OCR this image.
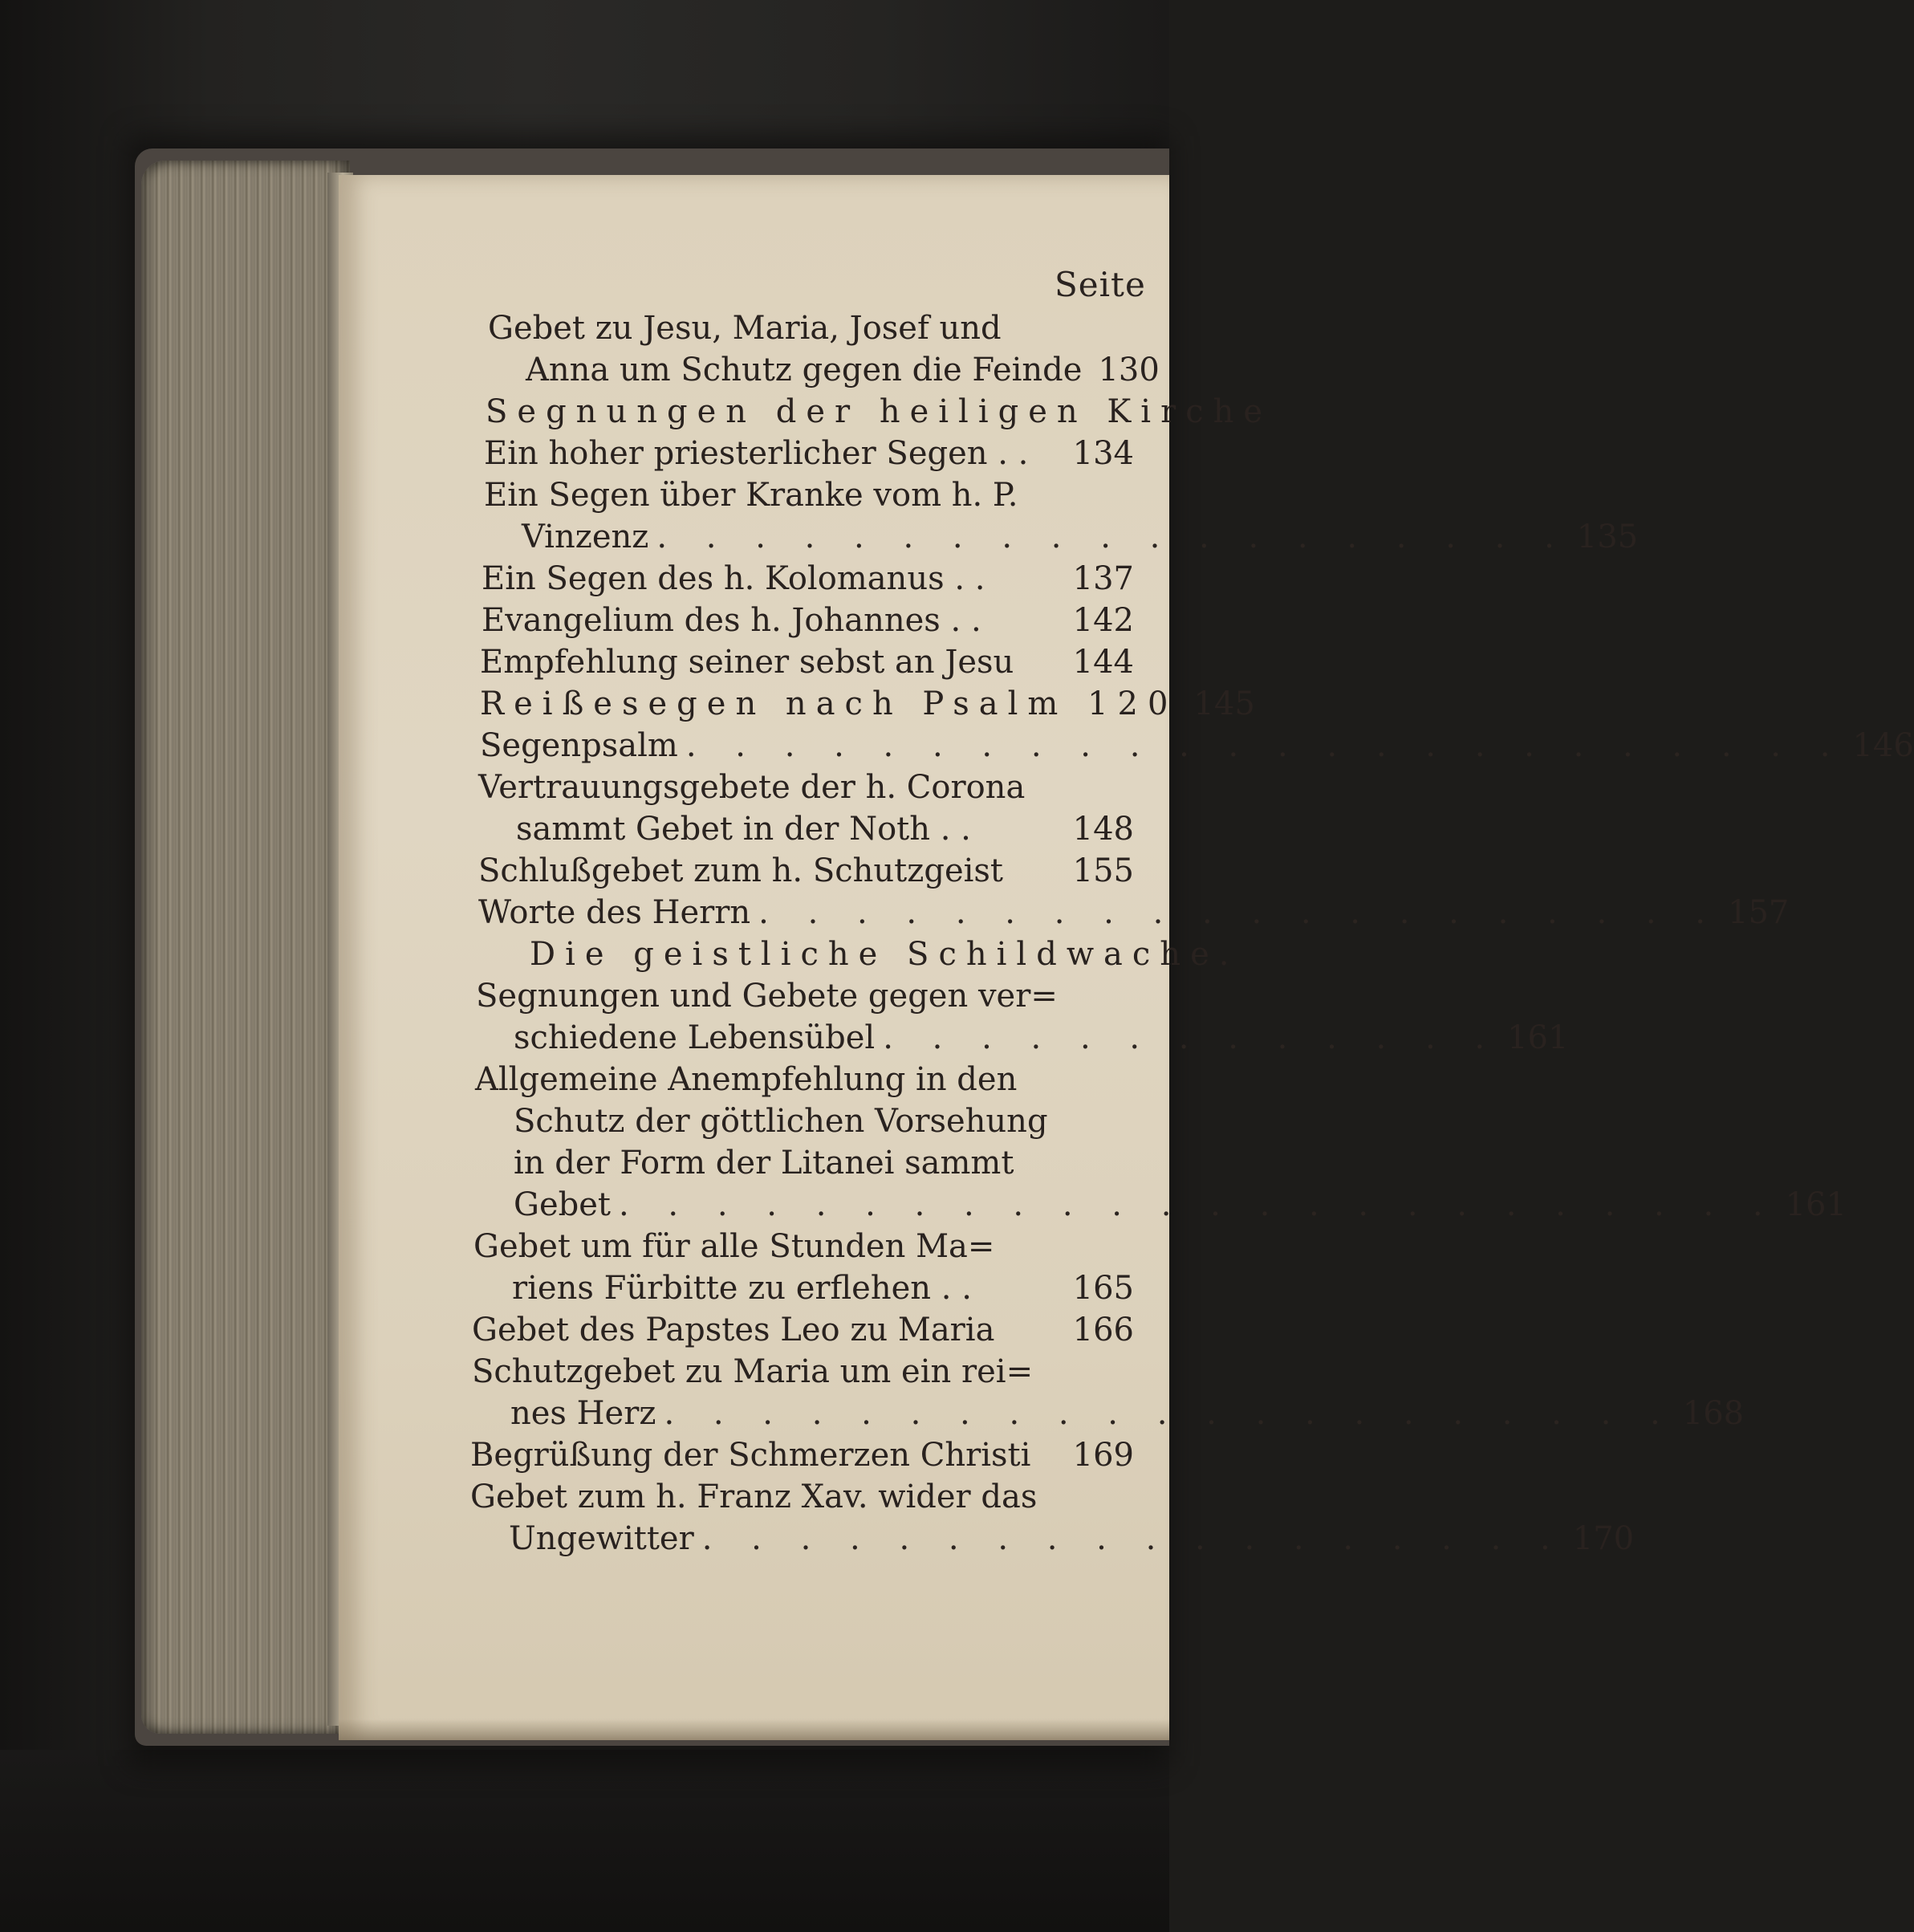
Seite
Gebet zu Jesu, Maria, Josef und
Anna um Schutz gegen die Feinde 130
Segnungen der heiligen Kirche
Ein hoher priesterlicher Segen . . 134
Ein Segen über Kranke vom h. P.
Vinzenz . . . . . . . . . . . . . . . . . . . 135
Ein Segen des h. Kolomanus . .	137
Evangelium des h. Johannes . .	142
Empfehlung seiner sebst an Jesu 144
Reißesegen nach Psalm 120 145
Segenpsalm . . . . . . . . . . . . . . . . . . . . . . . . 146
Vertrauungsgebete der h. Corona
sammt Gebet in der Noth . .	148
Schlußgebet zum h. Schutzgeist 155
Worte des Herrn . . . . . . . . . . . . . . . . . . . . 157
Die geistliche Schildwache.
Segnungen und Gebete gegen ver=
schiedene Lebensübel . . . . . . . . . . . . . 161
Allgemeine Anempfehlung in den
Schutz der göttlichen Vorsehung
in der Form der Litanei sammt
Gebet . . . . . . . . . . . . . . . . . . . . . . . . 161
Gebet um für alle Stunden Ma=
riens Fürbitte zu erflehen . .	165
Gebet des Papstes Leo zu Maria 166
Schutzgebet zu Maria um ein rei=
nes Herz . . . . . . . . . . . . . . . . . . . . . 168
Begrüßung der Schmerzen Christi 169
Gebet zum h. Franz Xav. wider das
Ungewitter . . . . . . . . . . . . . . . . . . 170
